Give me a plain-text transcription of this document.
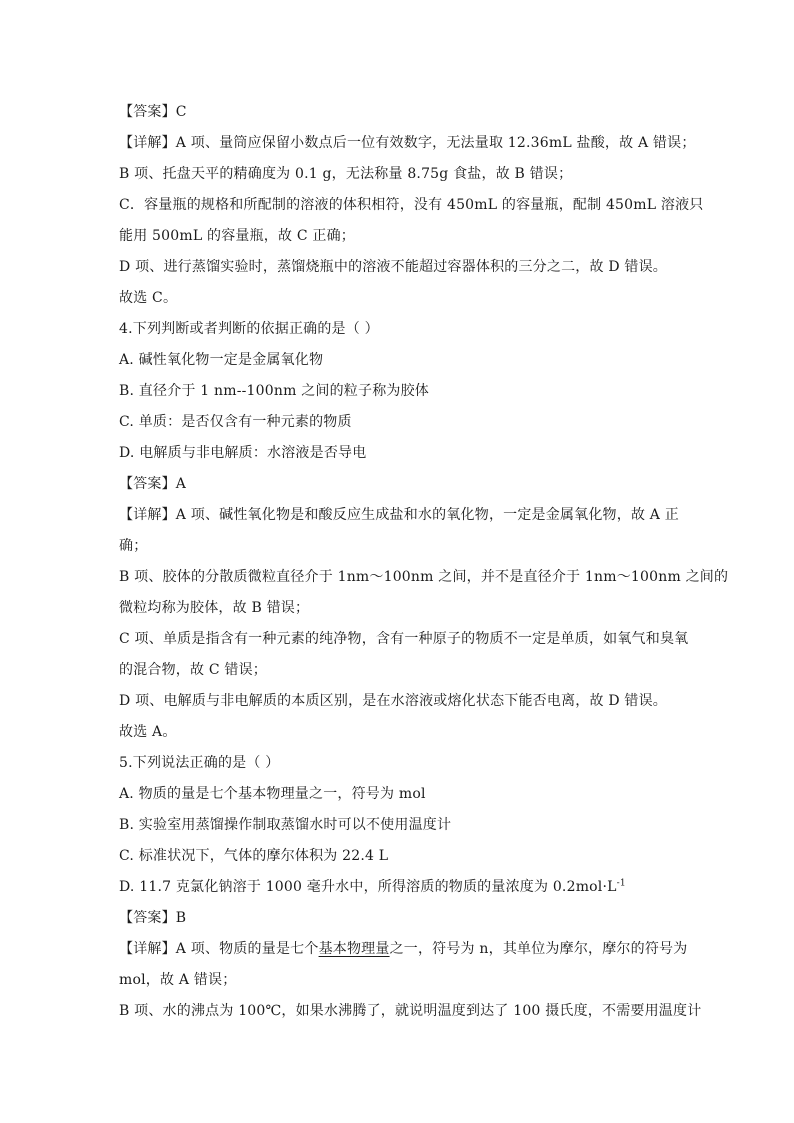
【答案】C
【详解】A 项、量筒应保留小数点后一位有效数字，无法量取 12.36mL 盐酸，故 A 错误；
B 项、托盘天平的精确度为 0.1 g，无法称量 8.75g 食盐，故 B 错误；
C．容量瓶的规格和所配制的溶液的体积相符，没有 450mL 的容量瓶，配制 450mL 溶液只
能用 500mL 的容量瓶，故 C 正确；
D 项、进行蒸馏实验时，蒸馏烧瓶中的溶液不能超过容器体积的三分之二，故 D 错误。
故选 C。
4.下列判断或者判断的依据正确的是（ ）
A. 碱性氧化物一定是金属氧化物
B. 直径介于 1 nm--100nm 之间的粒子称为胶体
C. 单质：是否仅含有一种元素的物质
D. 电解质与非电解质：水溶液是否导电
【答案】A
【详解】A 项、碱性氧化物是和酸反应生成盐和水的氧化物，一定是金属氧化物，故 A 正
确；
B 项、胶体的分散质微粒直径介于 1nm～100nm 之间，并不是直径介于 1nm～100nm 之间的
微粒均称为胶体，故 B 错误；
C 项、单质是指含有一种元素的纯净物，含有一种原子的物质不一定是单质，如氧气和臭氧
的混合物，故 C 错误；
D 项、电解质与非电解质的本质区别，是在水溶液或熔化状态下能否电离，故 D 错误。
故选 A。
5.下列说法正确的是（ ）
A. 物质的量是七个基本物理量之一，符号为 mol
B. 实验室用蒸馏操作制取蒸馏水时可以不使用温度计
C. 标准状况下，气体的摩尔体积为 22.4 L
D. 11.7 克氯化钠溶于 1000 毫升水中，所得溶质的物质的量浓度为 $0.2mol\cdot L^{-1}$
【答案】B
【详解】A 项、物质的量是七个基本物理量之一，符号为 n，其单位为摩尔，摩尔的符号为
mol，故 A 错误；
B 项、水的沸点为 100℃，如果水沸腾了，就说明温度到达了 100 摄氏度，不需要用温度计
